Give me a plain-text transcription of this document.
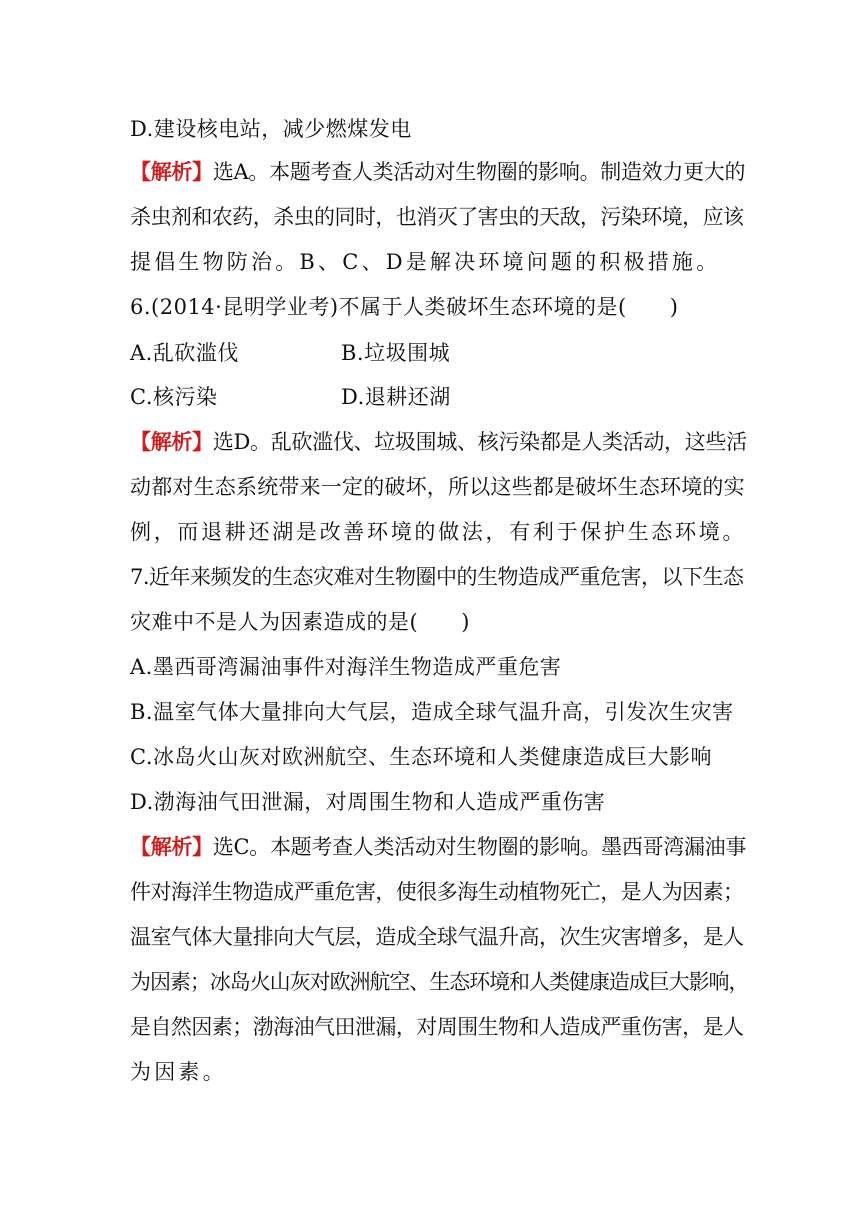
D.建设核电站，减少燃煤发电
【解析】选A。本题考查人类活动对生物圈的影响。制造效力更大的
杀虫剂和农药，杀虫的同时，也消灭了害虫的天敌，污染环境，应该
提倡生物防治。B、C、D是解决环境问题的积极措施。
6.(2014·昆明学业考)不属于人类破坏生态环境的是(　　)
A.乱砍滥伐	B.垃圾围城
C.核污染	D.退耕还湖
【解析】选D。乱砍滥伐、垃圾围城、核污染都是人类活动，这些活
动都对生态系统带来一定的破坏，所以这些都是破坏生态环境的实
例，而退耕还湖是改善环境的做法，有利于保护生态环境。
7.近年来频发的生态灾难对生物圈中的生物造成严重危害，以下生态
灾难中不是人为因素造成的是(　　)
A.墨西哥湾漏油事件对海洋生物造成严重危害
B.温室气体大量排向大气层，造成全球气温升高，引发次生灾害
C.冰岛火山灰对欧洲航空、生态环境和人类健康造成巨大影响
D.渤海油气田泄漏，对周围生物和人造成严重伤害
【解析】选C。本题考查人类活动对生物圈的影响。墨西哥湾漏油事
件对海洋生物造成严重危害，使很多海生动植物死亡，是人为因素；
温室气体大量排向大气层，造成全球气温升高，次生灾害增多，是人
为因素；冰岛火山灰对欧洲航空、生态环境和人类健康造成巨大影响，
是自然因素；渤海油气田泄漏，对周围生物和人造成严重伤害，是人
为因素。
